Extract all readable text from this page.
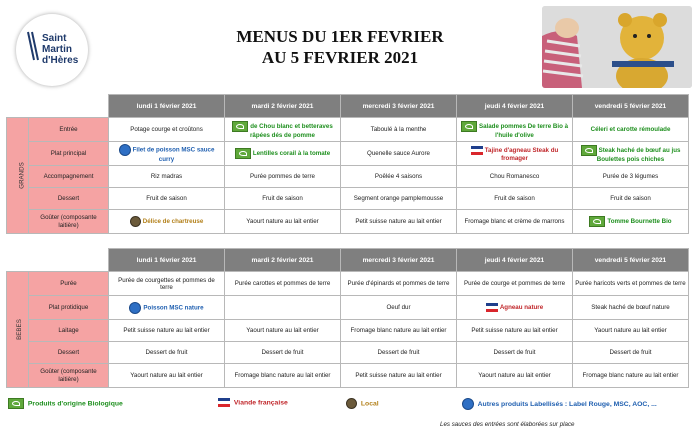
Saint
Martin
d'Hères
MENUS DU 1ER FEVRIER
AU 5 FEVRIER 2021
		lundi 1 février 2021	mardi 2 février 2021	mercredi 3 février 2021	jeudi 4 février 2021	vendredi 5 février 2021
GRANDS	Entrée	Potage courge et croûtons	de Chou blanc et betteraves râpées dés de pomme	Taboulé à la menthe	Salade pommes De terre Bio à l'huile d'olive	Céleri et carotte rémoulade
	Plat principal	Filet de poisson MSC sauce curry	Lentilles corail à la tomate	Quenelle sauce Aurore	Tajine d'agneau Steak du fromager	Steak haché de bœuf au jus Boulettes pois chiches
	Accompagnement	Riz madras	Purée pommes de terre	Poêlée 4 saisons	Chou Romanesco	Purée de 3 légumes
	Dessert	Fruit de saison	Fruit de saison	Segment orange pamplemousse	Fruit de saison	Fruit de saison
	Goûter (composante laitière)	Délice de chartreuse	Yaourt nature au lait entier	Petit suisse nature au lait entier	Fromage blanc et crème de marrons	Tomme Bournette Bio
		lundi 1 février 2021	mardi 2 février 2021	mercredi 3 février 2021	jeudi 4 février 2021	vendredi 5 février 2021
BEBES	Purée	Purée de courgettes et pommes de terre	Purée carottes et pommes de terre	Purée d'épinards et pommes de terre	Purée de courge et pommes de terre	Purée haricots verts et pommes de terre
	Plat protidique	Poisson MSC nature		Oeuf dur	Agneau nature	Steak haché de bœuf nature
	Laitage	Petit suisse nature au lait entier	Yaourt nature au lait entier	Fromage blanc nature au lait entier	Petit suisse nature au lait entier	Yaourt nature au lait entier
	Dessert	Dessert de fruit	Dessert de fruit	Dessert de fruit	Dessert de fruit	Dessert de fruit
	Goûter (composante laitière)	Yaourt nature au lait entier	Fromage blanc nature au lait entier	Petit suisse nature au lait entier	Yaourt nature au lait entier	Fromage blanc nature au lait entier
Produits d'origine Biologique	Viande française	Local	Autres produits Labellisés : Label Rouge, MSC, AOC, ...
Les sauces des entrées sont élaborées sur place
